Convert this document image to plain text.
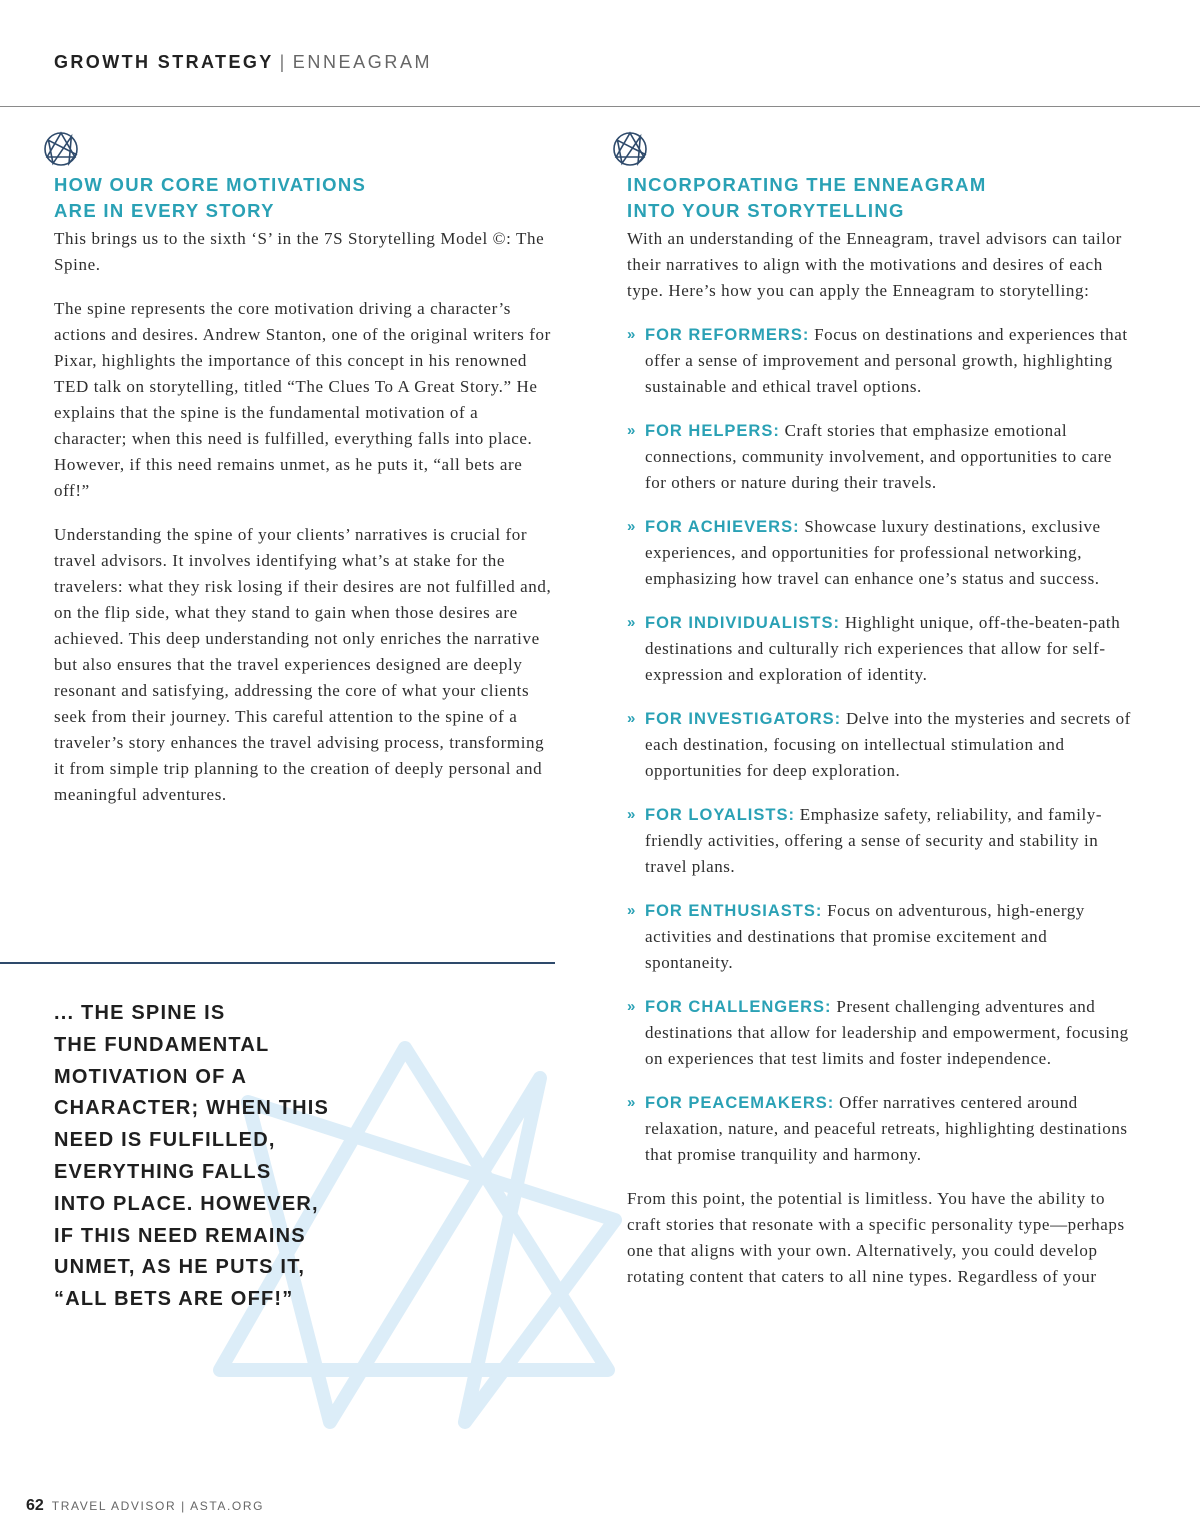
GROWTH STRATEGY | ENNEAGRAM
HOW OUR CORE MOTIVATIONS
ARE IN EVERY STORY

This brings us to the sixth ‘S’ in the 7S Storytelling Model ©: The Spine.

The spine represents the core motivation driving a character’s actions and desires. Andrew Stanton, one of the original writers for Pixar, highlights the importance of this concept in his renowned TED talk on storytelling, titled “The Clues To A Great Story.” He explains that the spine is the fundamental motivation of a character; when this need is fulfilled, everything falls into place. However, if this need remains unmet, as he puts it, “all bets are off!”

Understanding the spine of your clients’ narratives is crucial for travel advisors. It involves identifying what’s at stake for the travelers: what they risk losing if their desires are not fulfilled and, on the flip side, what they stand to gain when those desires are achieved. This deep understanding not only enriches the narrative but also ensures that the travel experiences designed are deeply resonant and satisfying, addressing the core of what your clients seek from their journey. This careful attention to the spine of a traveler’s story enhances the travel advising process, transforming it from simple trip planning to the creation of deeply personal and meaningful adventures.

... THE SPINE IS
THE FUNDAMENTAL
MOTIVATION OF A
CHARACTER; WHEN THIS
NEED IS FULFILLED,
EVERYTHING FALLS
INTO PLACE. HOWEVER,
IF THIS NEED REMAINS
UNMET, AS HE PUTS IT,
“ALL BETS ARE OFF!”
INCORPORATING THE ENNEAGRAM
INTO YOUR STORYTELLING

With an understanding of the Enneagram, travel advisors can tailor their narratives to align with the motivations and desires of each type. Here’s how you can apply the Enneagram to storytelling:

» FOR REFORMERS: Focus on destinations and experiences that offer a sense of improvement and personal growth, highlighting sustainable and ethical travel options.
» FOR HELPERS: Craft stories that emphasize emotional connections, community involvement, and opportunities to care for others or nature during their travels.
» FOR ACHIEVERS: Showcase luxury destinations, exclusive experiences, and opportunities for professional networking, emphasizing how travel can enhance one’s status and success.
» FOR INDIVIDUALISTS: Highlight unique, off-the-beaten-path destinations and culturally rich experiences that allow for self-expression and exploration of identity.
» FOR INVESTIGATORS: Delve into the mysteries and secrets of each destination, focusing on intellectual stimulation and opportunities for deep exploration.
» FOR LOYALISTS: Emphasize safety, reliability, and family-friendly activities, offering a sense of security and stability in travel plans.
» FOR ENTHUSIASTS: Focus on adventurous, high-energy activities and destinations that promise excitement and spontaneity.
» FOR CHALLENGERS: Present challenging adventures and destinations that allow for leadership and empowerment, focusing on experiences that test limits and foster independence.
» FOR PEACEMAKERS: Offer narratives centered around relaxation, nature, and peaceful retreats, highlighting destinations that promise tranquility and harmony.

From this point, the potential is limitless. You have the ability to craft stories that resonate with a specific personality type—perhaps one that aligns with your own. Alternatively, you could develop rotating content that caters to all nine types. Regardless of your

62 TRAVEL ADVISOR | ASTA.ORG
